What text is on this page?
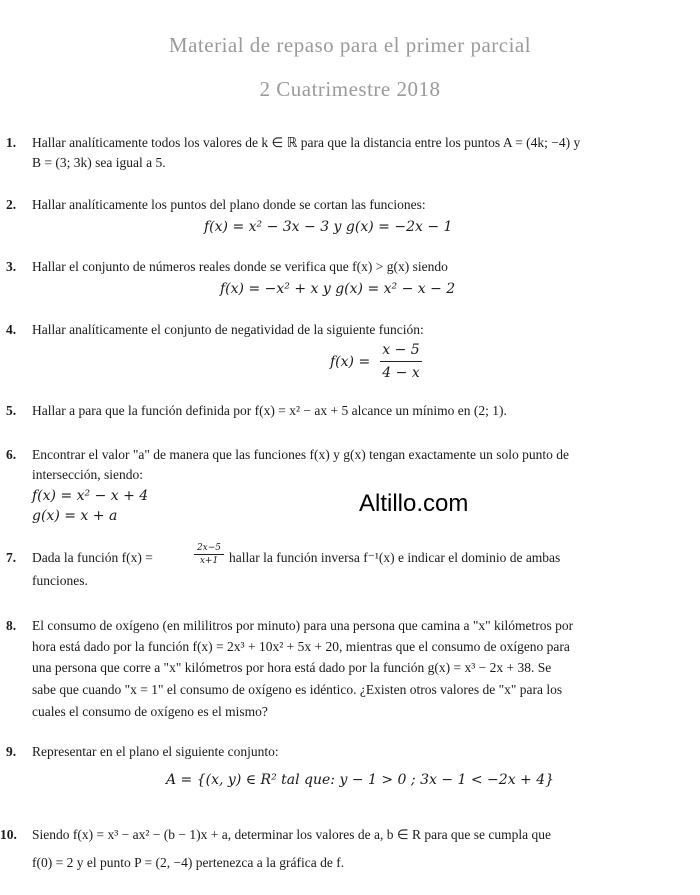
Material de repaso para el primer parcial
2 Cuatrimestre 2018
1.	Hallar analíticamente todos los valores de k ∈ ℝ para que la distancia entre los puntos A = (4k; −4) y
B = (3; 3k) sea igual a 5.
2.	Hallar analíticamente los puntos del plano donde se cortan las funciones:
f(x) = x² − 3x − 3 y g(x) = −2x − 1
3.	Hallar el conjunto de números reales donde se verifica que f(x) > g(x) siendo
f(x) = −x² + x y g(x) = x² − x − 2
4.	Hallar analíticamente el conjunto de negatividad de la siguiente función:
f(x) =
x − 5
4 − x
5.	Hallar a para que la función definida por f(x) = x² − ax + 5 alcance un mínimo en (2; 1).
6.	Encontrar el valor "a" de manera que las funciones f(x) y g(x) tengan exactamente un solo punto de
intersección, siendo:
f(x) = x² − x + 4
g(x) = x + a	Altillo.com
7.	Dada la función f(x) =
2x−5
x+1 hallar la función inversa f⁻¹(x) e indicar el dominio de ambas
funciones.
8.	El consumo de oxígeno (en mililitros por minuto) para una persona que camina a "x" kilómetros por
hora está dado por la función f(x) = 2x³ + 10x² + 5x + 20, mientras que el consumo de oxígeno para
una persona que corre a "x" kilómetros por hora está dado por la función g(x) = x³ − 2x + 38. Se
sabe que cuando "x = 1" el consumo de oxígeno es idéntico. ¿Existen otros valores de "x" para los
cuales el consumo de oxígeno es el mismo?
9.	Representar en el plano el siguiente conjunto:
A = {(x, y) ∈ R² tal que: y − 1 > 0 ; 3x − 1 < −2x + 4}
10. Siendo f(x) = x³ − ax² − (b − 1)x + a, determinar los valores de a, b ∈ R para que se cumpla que
f(0) = 2 y el punto P = (2, −4) pertenezca a la gráfica de f.
